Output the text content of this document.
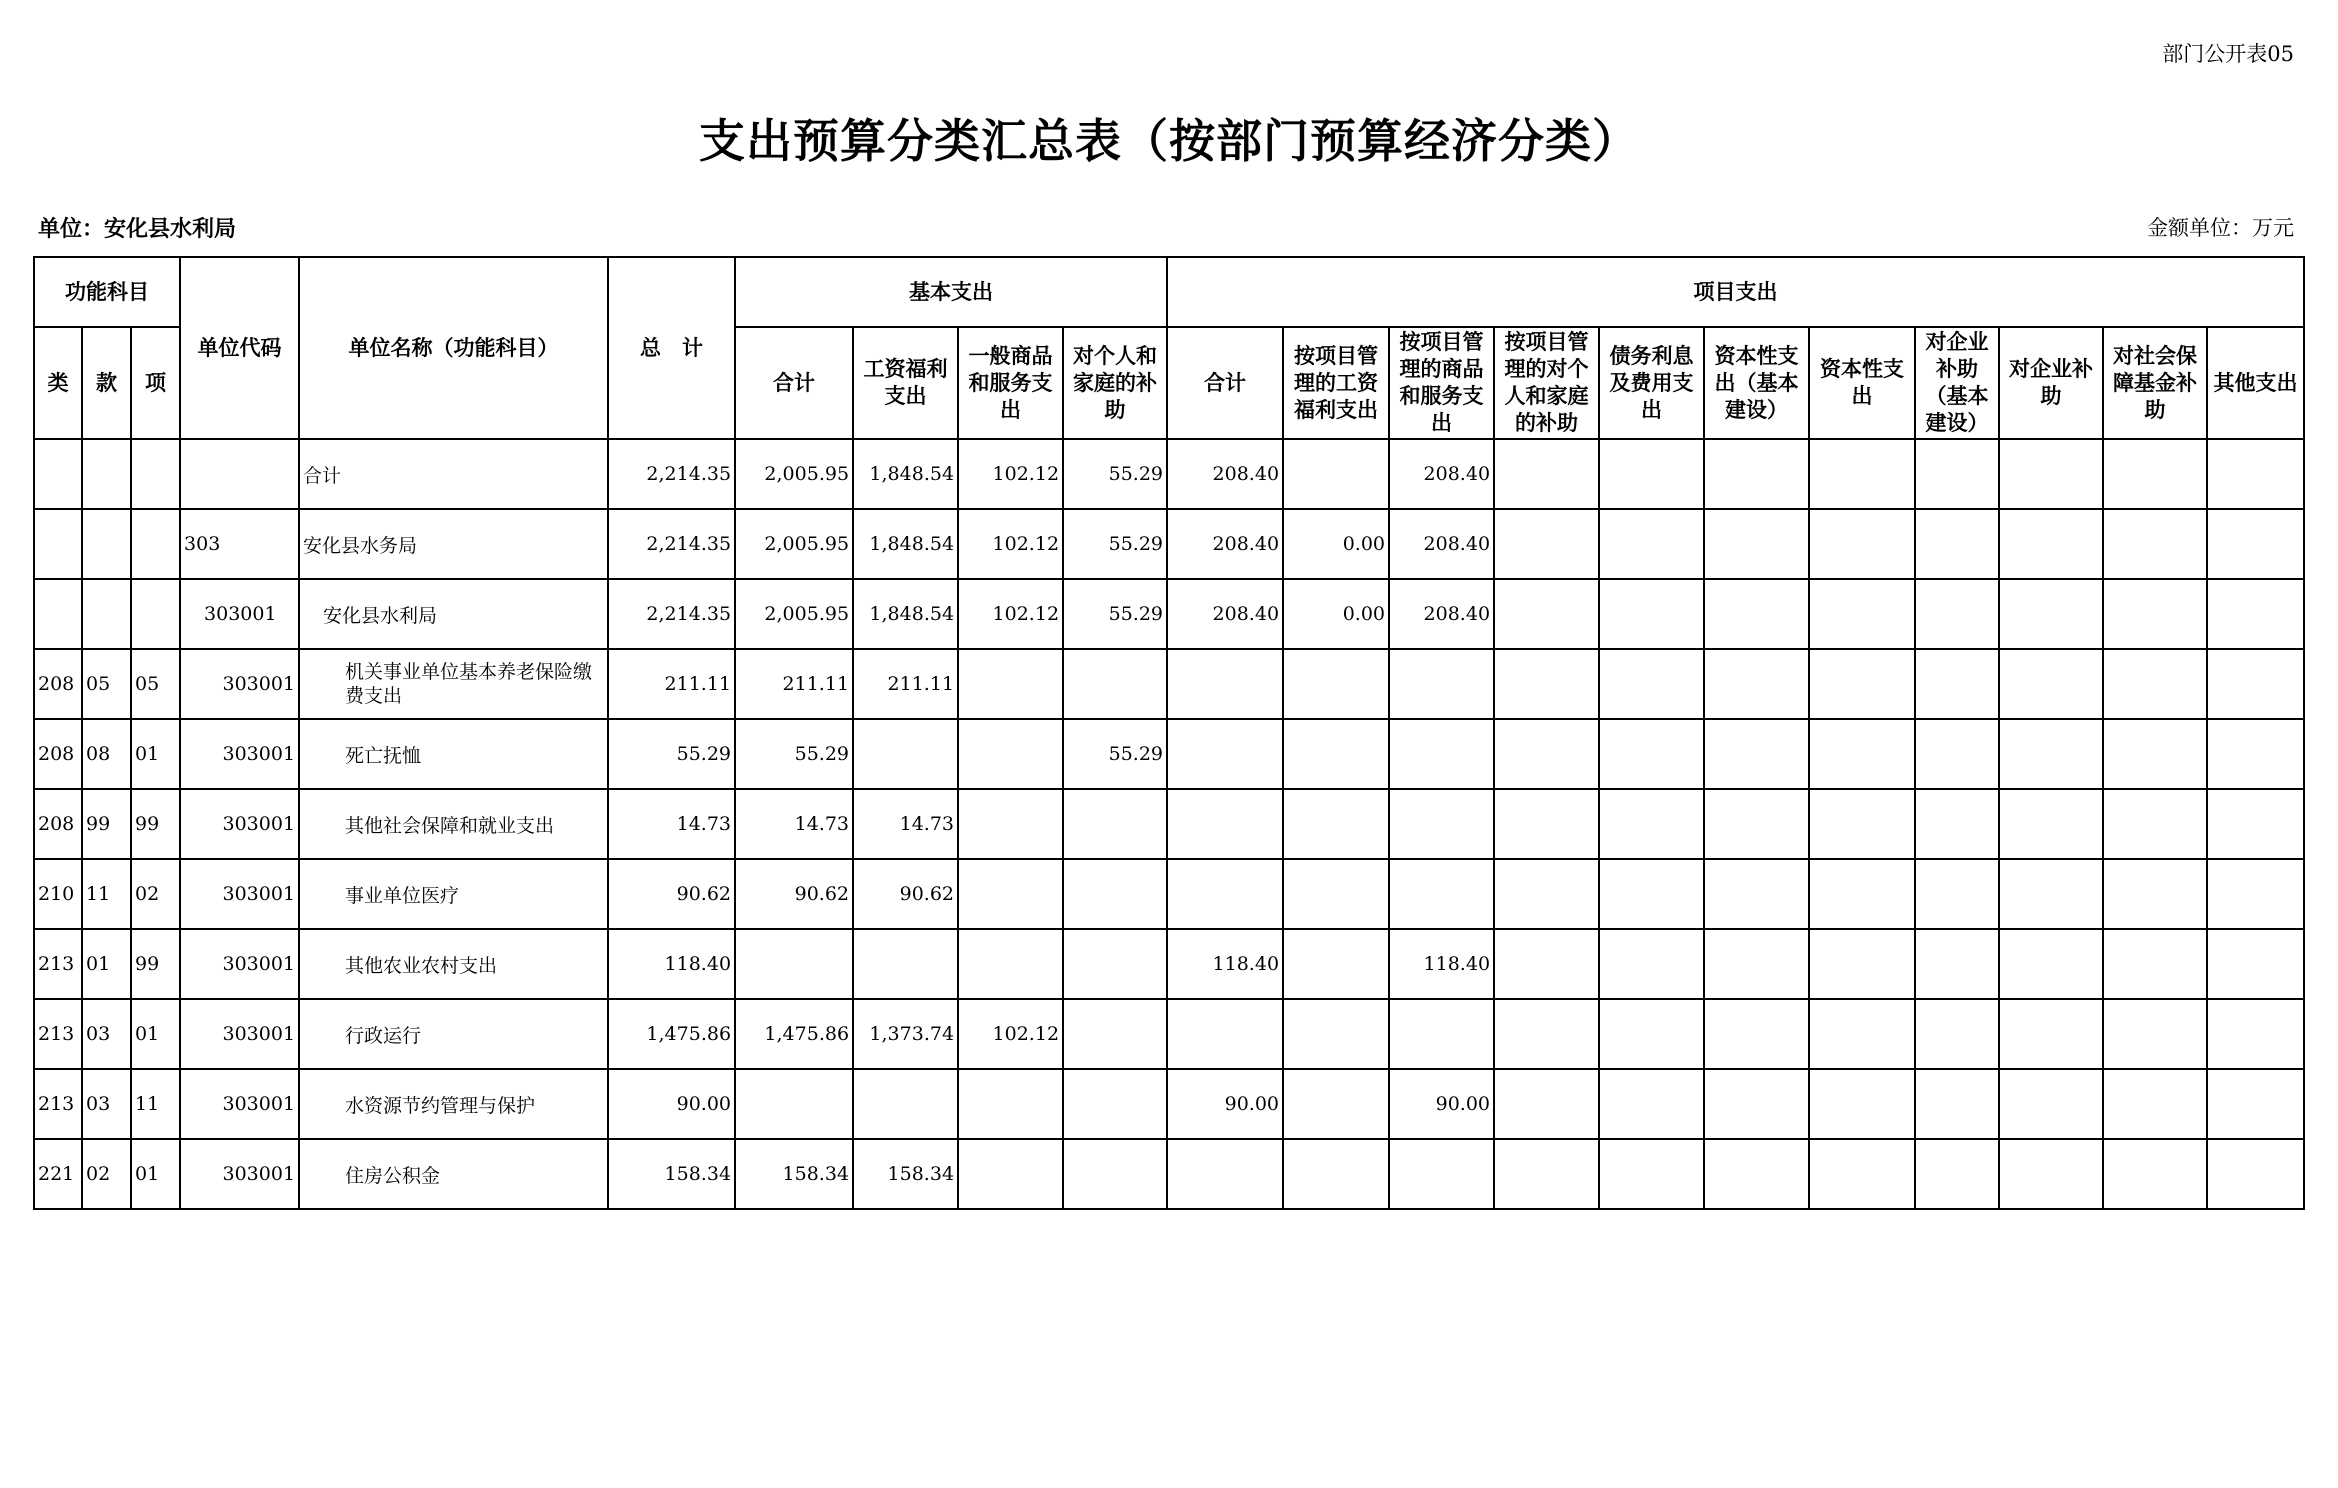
部门公开表05
支出预算分类汇总表（按部门预算经济分类）
单位：安化县水利局	金额单位：万元
功能科目			单位代码	单位名称（功能科目）	总　计	基本支出				项目支出										
类	款	项				合计	工资福利支出	一般商品和服务支出	对个人和家庭的补助	合计	按项目管理的工资福利支出	按项目管理的商品和服务支出	按项目管理的对个人和家庭的补助	债务利息及费用支出	资本性支出（基本建设）	资本性支出	对企业补助（基本建设）	对企业补助	对社会保障基金补助	其他支出
				合计	2,214.35	2,005.95	1,848.54	102.12	55.29	208.40		208.40								
			303	安化县水务局	2,214.35	2,005.95	1,848.54	102.12	55.29	208.40	0.00	208.40								
			303001	安化县水利局	2,214.35	2,005.95	1,848.54	102.12	55.29	208.40	0.00	208.40								
208	05	05	303001	机关事业单位基本养老保险缴费支出	211.11	211.11	211.11													
208	08	01	303001	死亡抚恤	55.29	55.29			55.29											
208	99	99	303001	其他社会保障和就业支出	14.73	14.73	14.73													
210	11	02	303001	事业单位医疗	90.62	90.62	90.62													
213	01	99	303001	其他农业农村支出	118.40					118.40		118.40								
213	03	01	303001	行政运行	1,475.86	1,475.86	1,373.74	102.12												
213	03	11	303001	水资源节约管理与保护	90.00					90.00		90.00								
221	02	01	303001	住房公积金	158.34	158.34	158.34													
